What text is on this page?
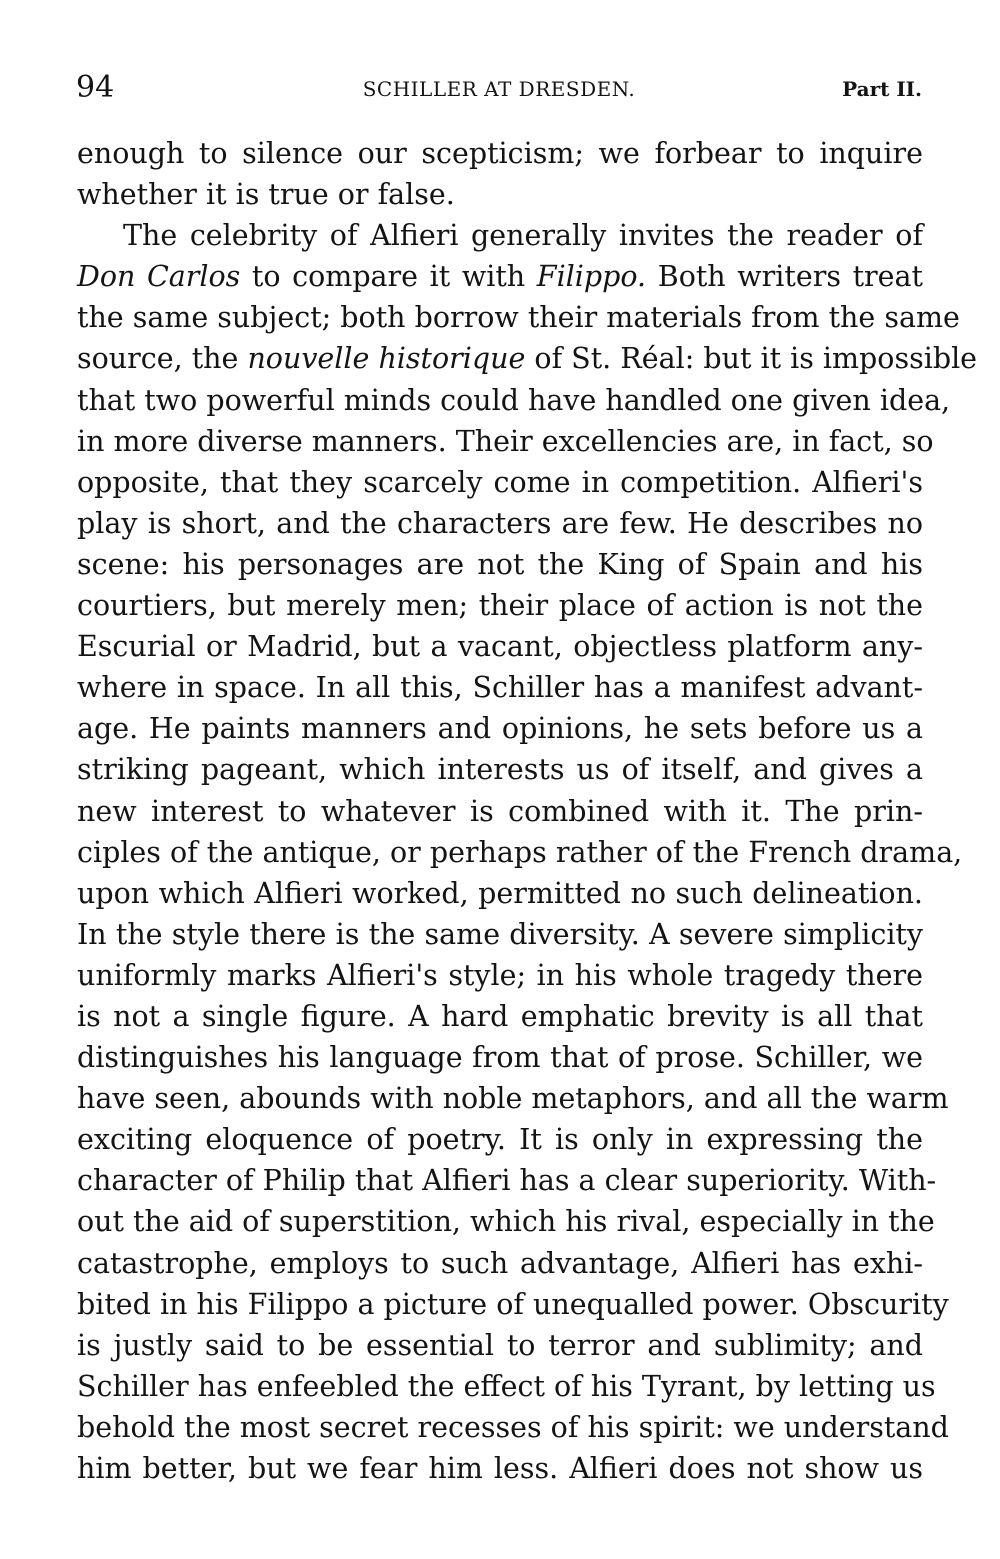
94	SCHILLER AT DRESDEN.	Part II.
enough to silence our scepticism; we forbear to inquire
whether it is true or false.
The celebrity of Alfieri generally invites the reader of
Don Carlos to compare it with Filippo. Both writers treat
the same subject; both borrow their materials from the same
source, the nouvelle historique of St. Réal: but it is impossible
that two powerful minds could have handled one given idea,
in more diverse manners. Their excellencies are, in fact, so
opposite, that they scarcely come in competition. Alfieri's
play is short, and the characters are few. He describes no
scene: his personages are not the King of Spain and his
courtiers, but merely men; their place of action is not the
Escurial or Madrid, but a vacant, objectless platform any-
where in space. In all this, Schiller has a manifest advant-
age. He paints manners and opinions, he sets before us a
striking pageant, which interests us of itself, and gives a
new interest to whatever is combined with it. The prin-
ciples of the antique, or perhaps rather of the French drama,
upon which Alfieri worked, permitted no such delineation.
In the style there is the same diversity. A severe simplicity
uniformly marks Alfieri's style; in his whole tragedy there
is not a single figure. A hard emphatic brevity is all that
distinguishes his language from that of prose. Schiller, we
have seen, abounds with noble metaphors, and all the warm
exciting eloquence of poetry. It is only in expressing the
character of Philip that Alfieri has a clear superiority. With-
out the aid of superstition, which his rival, especially in the
catastrophe, employs to such advantage, Alfieri has exhi-
bited in his Filippo a picture of unequalled power. Obscurity
is justly said to be essential to terror and sublimity; and
Schiller has enfeebled the effect of his Tyrant, by letting us
behold the most secret recesses of his spirit: we understand
him better, but we fear him less. Alfieri does not show us
